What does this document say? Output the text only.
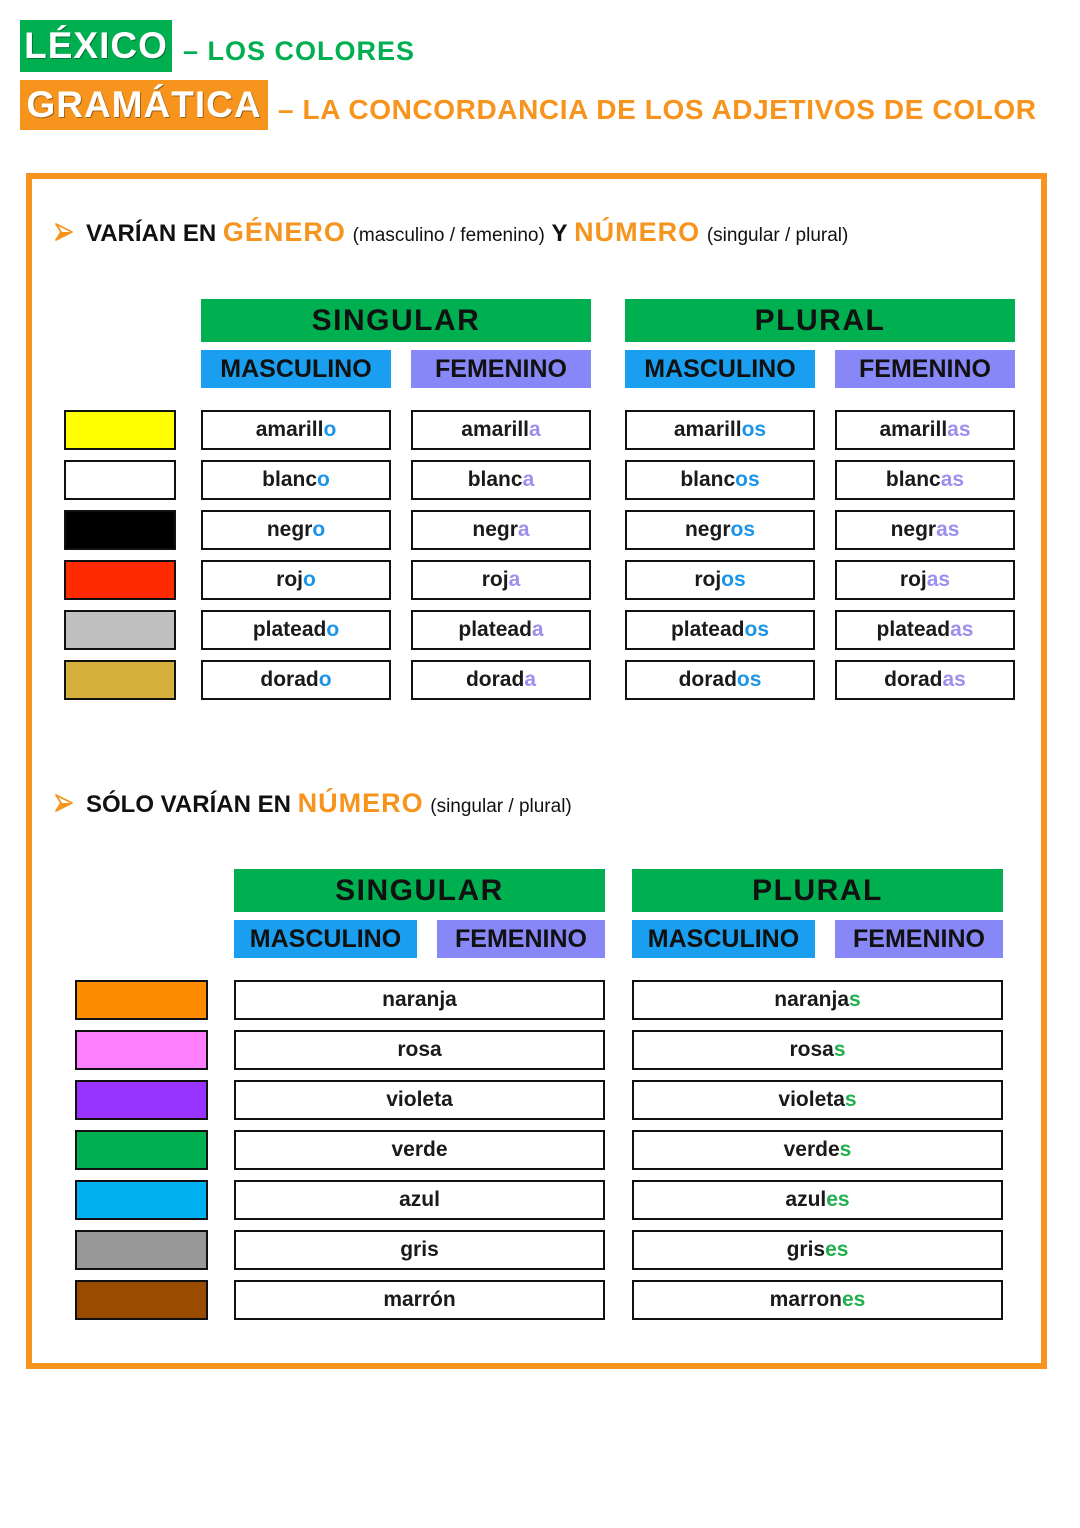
LÉXICO – LOS COLORES
GRAMÁTICA – LA CONCORDANCIA DE LOS ADJETIVOS DE COLOR
VARÍAN EN GÉNERO (masculino / femenino) Y NÚMERO (singular / plural)
SINGULAR	PLURAL
MASCULINO	FEMENINO	MASCULINO	FEMENINO
amarill o	amarill a	amarill os	amarill as
blanc o	blanc a	blanc os	blanc as
negr o	negr a	negr os	negr as
roj o	roj a	roj os	roj as
platead o	platead a	platead os	platead as
dorad o	dorad a	dorad os	dorad as
SÓLO VARÍAN EN NÚMERO (singular / plural)
SINGULAR	PLURAL
MASCULINO	FEMENINO	MASCULINO	FEMENINO
naranja	naranja s
rosa	rosa s
violeta	violeta s
verde	verde s
azul	azul es
gris	gris es
marrón	marron es
